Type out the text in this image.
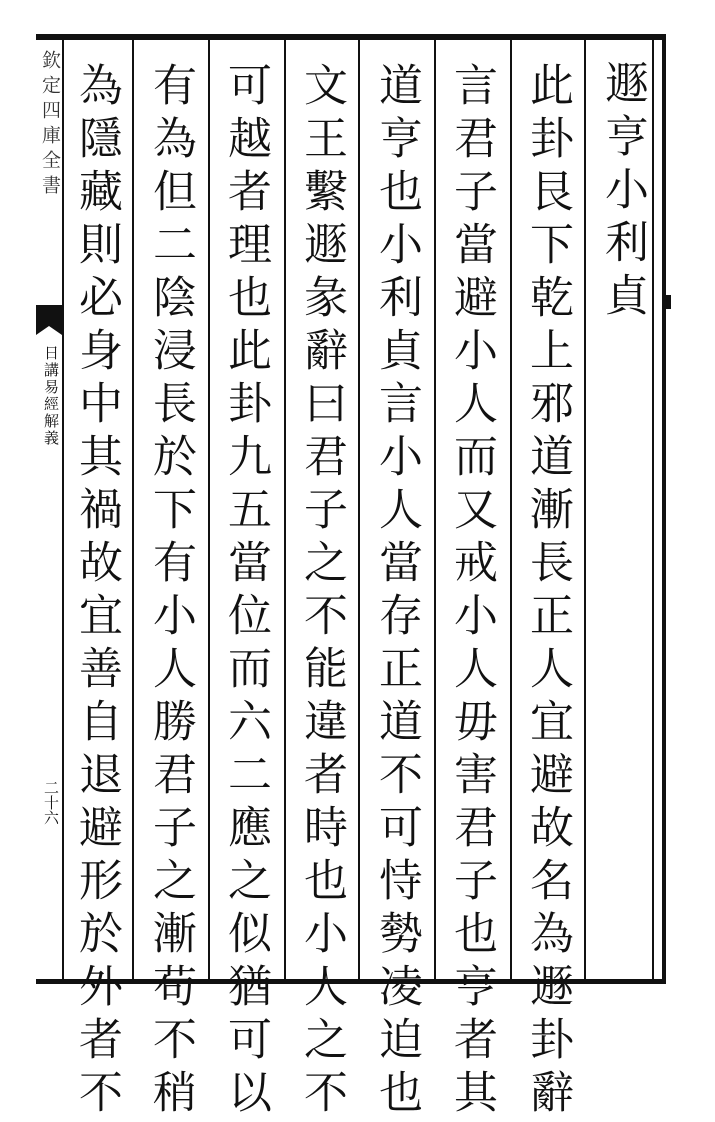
欽定四庫全書
日講易經解義
二十六
遯亨小利貞
此卦艮下乾上邪道漸長正人宜避故名為遯卦辭
言君子當避小人而又戒小人毋害君子也亨者其
道亨也小利貞言小人當存正道不可恃勢凌迫也
文王繫遯彖辭曰君子之不能違者時也小人之不
可越者理也此卦九五當位而六二應之似猶可以
有為但二陰浸長於下有小人勝君子之漸苟不稍
為隱藏則必身中其禍故宜善自退避形於外者不
